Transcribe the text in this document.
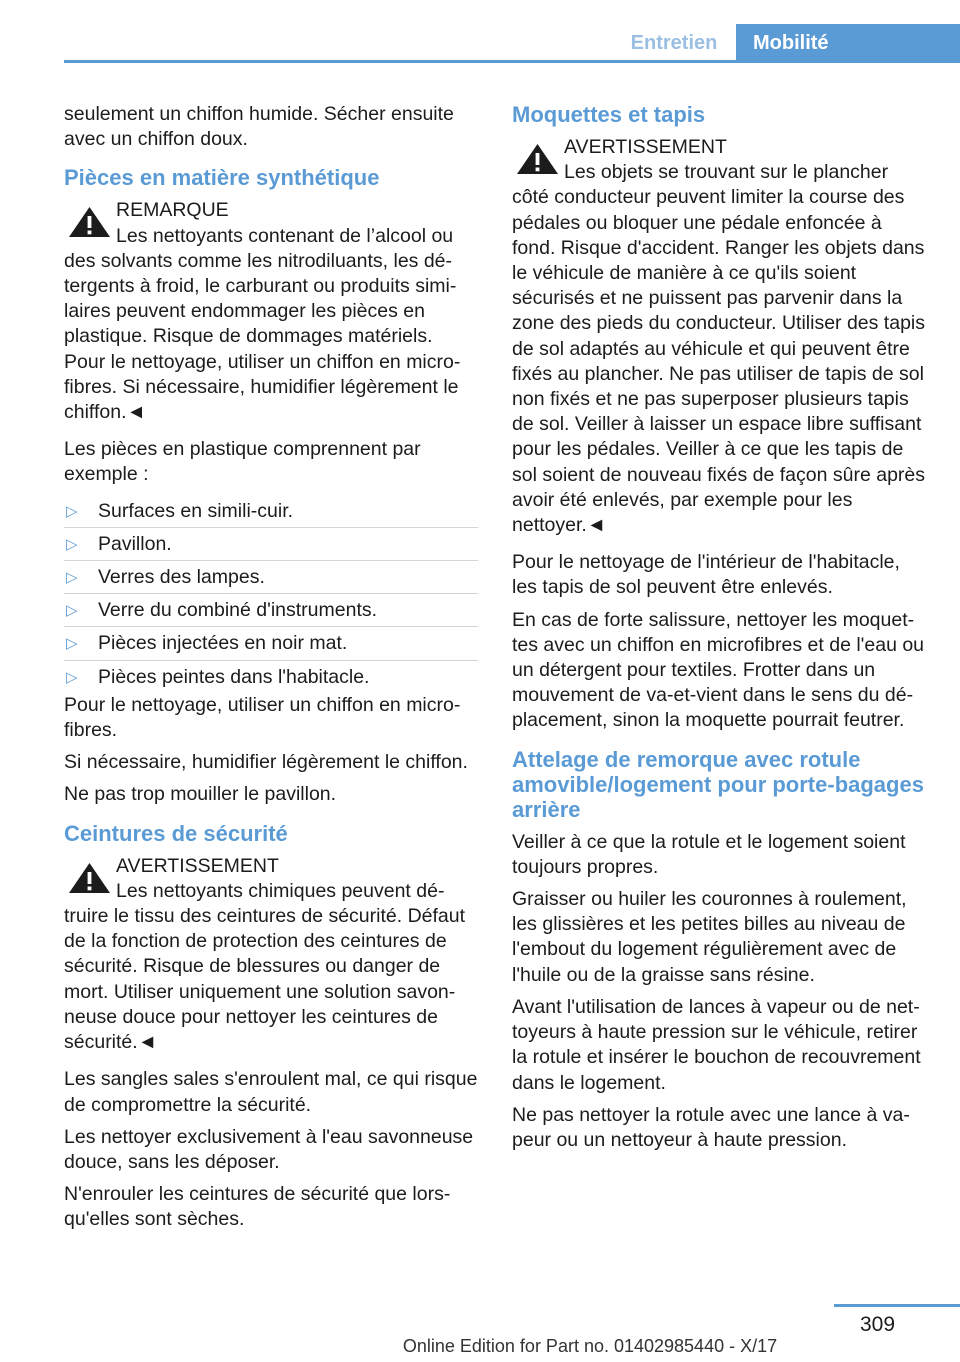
Entretien	Mobilité

seulement un chiffon humide. Sécher ensuite avec un chiffon doux.

Pièces en matière synthétique
REMARQUE
Les nettoyants contenant de l’alcool ou des solvants comme les nitrodiluants, les détergents à froid, le carburant ou produits similaires peuvent endommager les pièces en plastique. Risque de dommages matériels. Pour le nettoyage, utiliser un chiffon en microfibres. Si nécessaire, humidifier légèrement le chiffon.◄

Les pièces en plastique comprennent par exemple :

▷ Surfaces en simili-cuir.
▷ Pavillon.
▷ Verres des lampes.
▷ Verre du combiné d'instruments.
▷ Pièces injectées en noir mat.
▷ Pièces peintes dans l'habitacle.

Pour le nettoyage, utiliser un chiffon en microfibres.

Si nécessaire, humidifier légèrement le chiffon.

Ne pas trop mouiller le pavillon.

Ceintures de sécurité
AVERTISSEMENT
Les nettoyants chimiques peuvent détruire le tissu des ceintures de sécurité. Défaut de la fonction de protection des ceintures de sécurité. Risque de blessures ou danger de mort. Utiliser uniquement une solution savonneuse douce pour nettoyer les ceintures de sécurité.◄

Les sangles sales s'enroulent mal, ce qui risque de compromettre la sécurité.

Les nettoyer exclusivement à l'eau savonneuse douce, sans les déposer.

N'enrouler les ceintures de sécurité que lorsqu'elles sont sèches.

Moquettes et tapis
AVERTISSEMENT
Les objets se trouvant sur le plancher côté conducteur peuvent limiter la course des pédales ou bloquer une pédale enfoncée à fond. Risque d'accident. Ranger les objets dans le véhicule de manière à ce qu'ils soient sécurisés et ne puissent pas parvenir dans la zone des pieds du conducteur. Utiliser des tapis de sol adaptés au véhicule et qui peuvent être fixés au plancher. Ne pas utiliser de tapis de sol non fixés et ne pas superposer plusieurs tapis de sol. Veiller à laisser un espace libre suffisant pour les pédales. Veiller à ce que les tapis de sol soient de nouveau fixés de façon sûre après avoir été enlevés, par exemple pour les nettoyer.◄

Pour le nettoyage de l'intérieur de l'habitacle, les tapis de sol peuvent être enlevés.

En cas de forte salissure, nettoyer les moquettes avec un chiffon en microfibres et de l'eau ou un détergent pour textiles. Frotter dans un mouvement de va-et-vient dans le sens du déplacement, sinon la moquette pourrait feutrer.

Attelage de remorque avec rotule amovible/logement pour porte-bagages arrière

Veiller à ce que la rotule et le logement soient toujours propres.

Graisser ou huiler les couronnes à roulement, les glissières et les petites billes au niveau de l'embout du logement régulièrement avec de l'huile ou de la graisse sans résine.

Avant l'utilisation de lances à vapeur ou de nettoyeurs à haute pression sur le véhicule, retirer la rotule et insérer le bouchon de recouvrement dans le logement.

Ne pas nettoyer la rotule avec une lance à vapeur ou un nettoyeur à haute pression.

309
Online Edition for Part no. 01402985440 - X/17
